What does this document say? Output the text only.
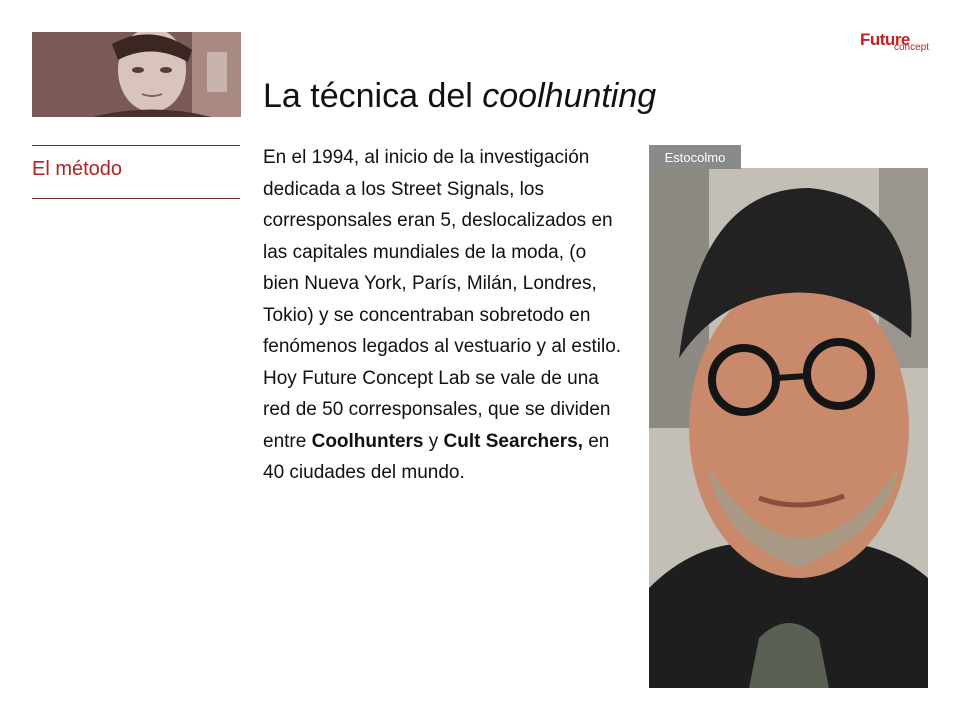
Future
concept
La técnica del coolhunting
El método

En el 1994, al inicio de la investigación dedicada a los Street Signals, los corresponsales eran 5, deslocalizados en las capitales mundiales de la moda, (o bien Nueva York, París, Milán, Londres, Tokio) y se concentraban sobretodo en fenómenos legados al vestuario y al estilo.

Hoy Future Concept Lab se vale de una red de 50 corresponsales, que se dividen entre Coolhunters y Cult Searchers, en 40 ciudades del mundo.

Estocolmo
